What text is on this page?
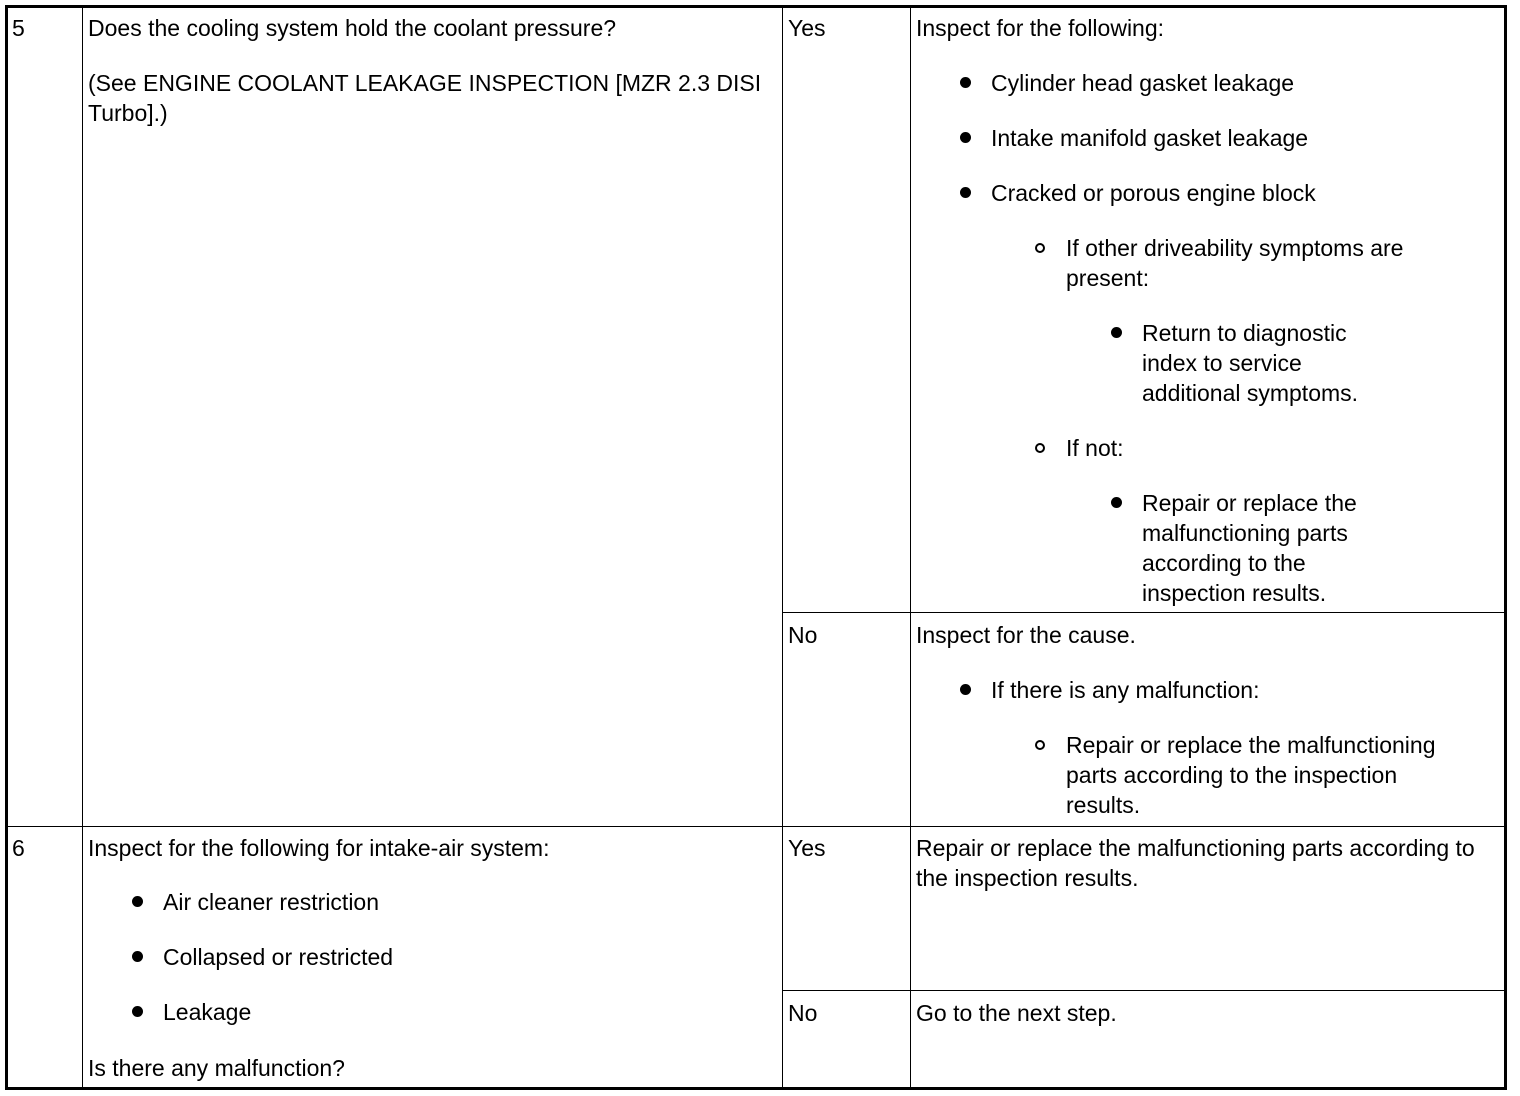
5	Does the cooling system hold the coolant pressure?
(See ENGINE COOLANT LEAKAGE INSPECTION [MZR 2.3 DISI Turbo].)
Yes	Inspect for the following:
Cylinder head gasket leakage
Intake manifold gasket leakage
Cracked or porous engine block
If other driveability symptoms are present:
Return to diagnostic index to service additional symptoms.
If not:
Repair or replace the malfunctioning parts according to the inspection results.
No	Inspect for the cause.
If there is any malfunction:
Repair or replace the malfunctioning parts according to the inspection results.
6	Inspect for the following for intake-air system:
Air cleaner restriction
Collapsed or restricted
Leakage
Is there any malfunction?
Yes	Repair or replace the malfunctioning parts according to the inspection results.
No	Go to the next step.
